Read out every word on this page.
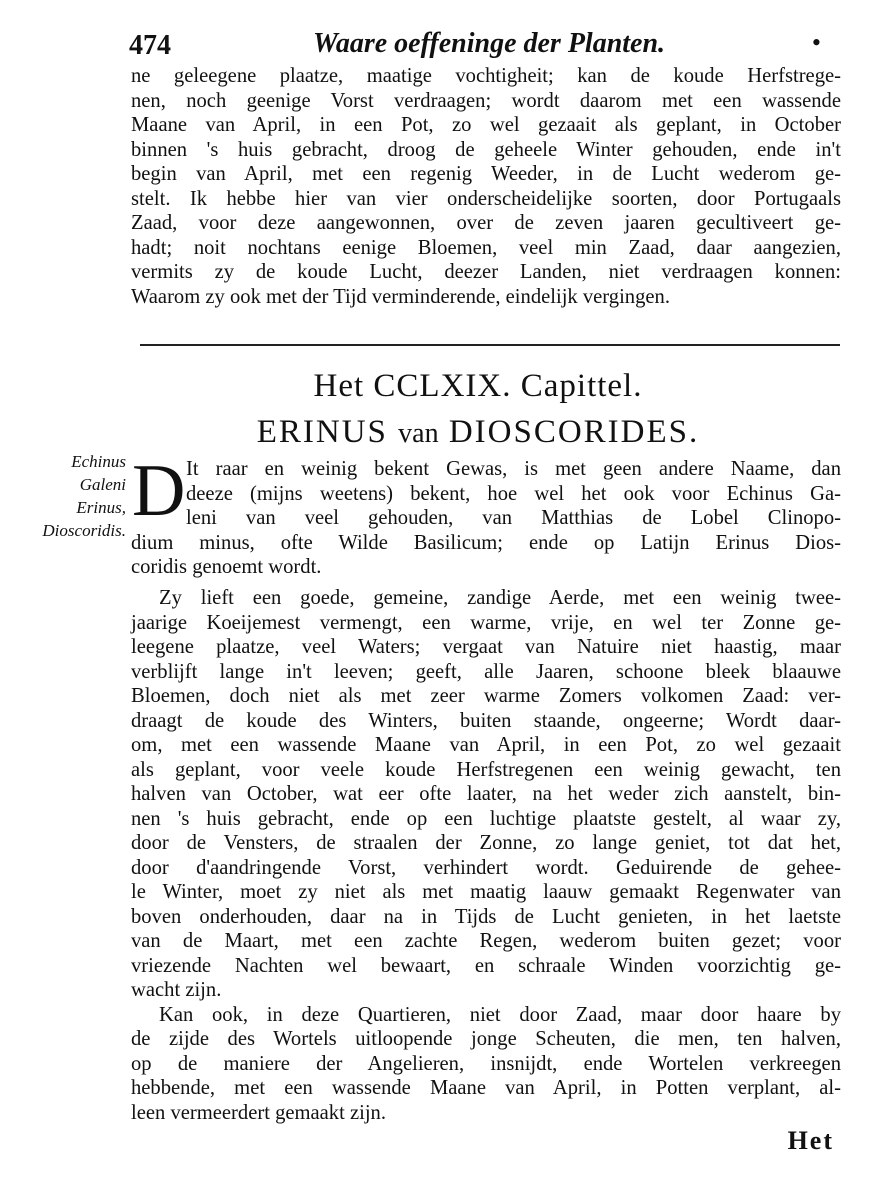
474	Waare oeffeninge der Planten.	•
ne geleegene plaatze, maatige vochtigheit; kan de koude Herfstrege-
nen, noch geenige Vorst verdraagen; wordt daarom met een wassende
Maane van April, in een Pot, zo wel gezaait als geplant, in October
binnen 's huis gebracht, droog de geheele Winter gehouden, ende in't
begin van April, met een regenig Weeder, in de Lucht wederom ge-
stelt. Ik hebbe hier van vier onderscheidelijke soorten, door Portugaals
Zaad, voor deze aangewonnen, over de zeven jaaren gecultiveert ge-
hadt; noit nochtans eenige Bloemen, veel min Zaad, daar aangezien,
vermits zy de koude Lucht, deezer Landen, niet verdraagen konnen:
Waarom zy ook met der Tijd verminderende, eindelijk vergingen.
Het CCLXIX. Capittel.
ERINUS van DIOSCORIDES.
Echinus
Galeni
Erinus,
Dioscoridis. D It raar en weinig bekent Gewas, is met geen andere Naame, dan
deeze (mijns weetens) bekent, hoe wel het ook voor Echinus Ga-
leni van veel gehouden, van Matthias de Lobel Clinopo-
dium minus, ofte Wilde Basilicum; ende op Latijn Erinus Dios-
coridis genoemt wordt.
Zy lieft een goede, gemeine, zandige Aerde, met een weinig twee-
jaarige Koeijemest vermengt, een warme, vrije, en wel ter Zonne ge-
leegene plaatze, veel Waters; vergaat van Natuire niet haastig, maar
verblijft lange in't leeven; geeft, alle Jaaren, schoone bleek blaauwe
Bloemen, doch niet als met zeer warme Zomers volkomen Zaad: ver-
draagt de koude des Winters, buiten staande, ongeerne; Wordt daar-
om, met een wassende Maane van April, in een Pot, zo wel gezaait
als geplant, voor veele koude Herfstregenen een weinig gewacht, ten
halven van October, wat eer ofte laater, na het weder zich aanstelt, bin-
nen 's huis gebracht, ende op een luchtige plaatste gestelt, al waar zy,
door de Vensters, de straalen der Zonne, zo lange geniet, tot dat het,
door d'aandringende Vorst, verhindert wordt. Geduirende de gehee-
le Winter, moet zy niet als met maatig laauw gemaakt Regenwater van
boven onderhouden, daar na in Tijds de Lucht genieten, in het laetste
van de Maart, met een zachte Regen, wederom buiten gezet; voor
vriezende Nachten wel bewaart, en schraale Winden voorzichtig ge-
wacht zijn.
Kan ook, in deze Quartieren, niet door Zaad, maar door haare by
de zijde des Wortels uitloopende jonge Scheuten, die men, ten halven,
op de maniere der Angelieren, insnijdt, ende Wortelen verkreegen
hebbende, met een wassende Maane van April, in Potten verplant, al-
leen vermeerdert gemaakt zijn.
Het
